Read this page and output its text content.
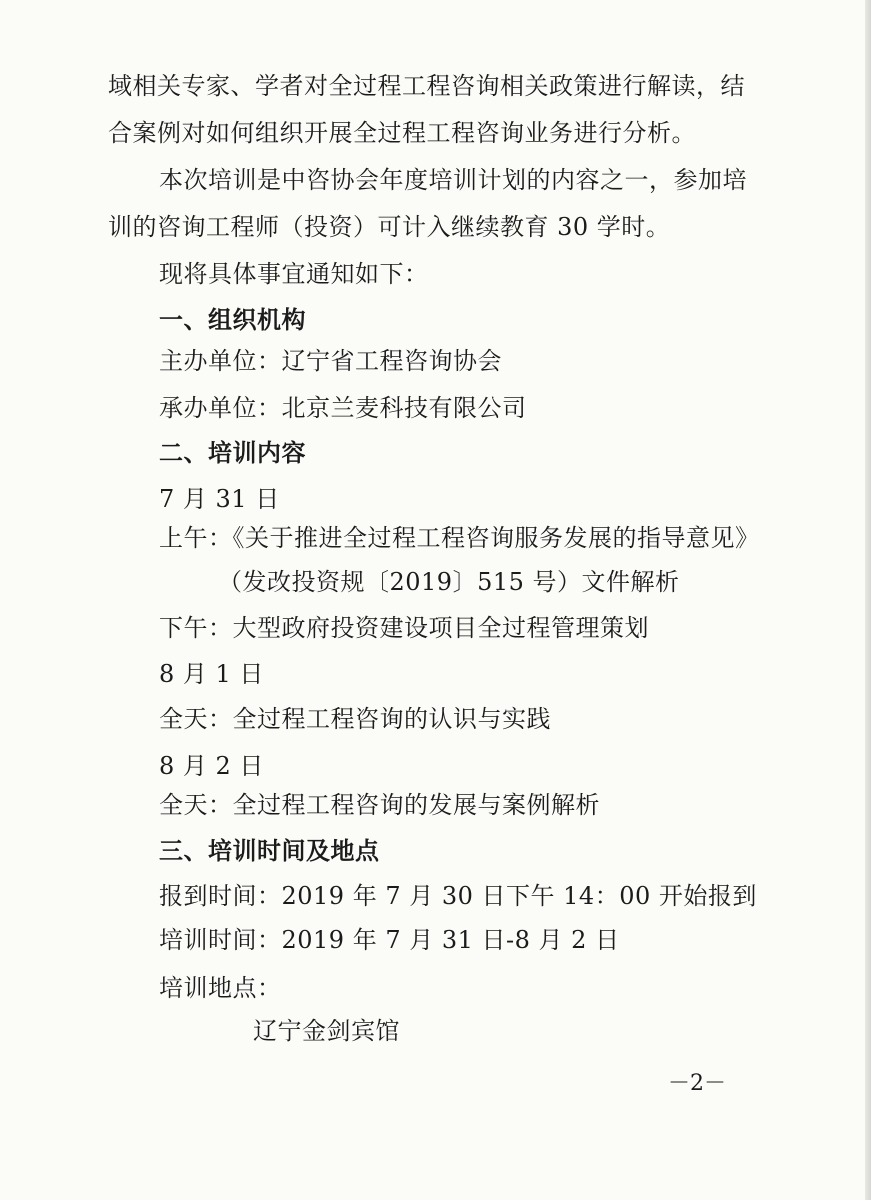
域相关专家、学者对全过程工程咨询相关政策进行解读，结
合案例对如何组织开展全过程工程咨询业务进行分析。
本次培训是中咨协会年度培训计划的内容之一，参加培
训的咨询工程师（投资）可计入继续教育 30 学时。
现将具体事宜通知如下：
一、组织机构
主办单位：辽宁省工程咨询协会
承办单位：北京兰麦科技有限公司
二、培训内容
7 月 31 日
上午：《关于推进全过程工程咨询服务发展的指导意见》
（发改投资规〔2019〕515 号）文件解析
下午：大型政府投资建设项目全过程管理策划
8 月 1 日
全天：全过程工程咨询的认识与实践
8 月 2 日
全天：全过程工程咨询的发展与案例解析
三、培训时间及地点
报到时间：2019 年 7 月 30 日下午 14：00 开始报到
培训时间：2019 年 7 月 31 日-8 月 2 日
培训地点：
辽宁金剑宾馆
－2－
